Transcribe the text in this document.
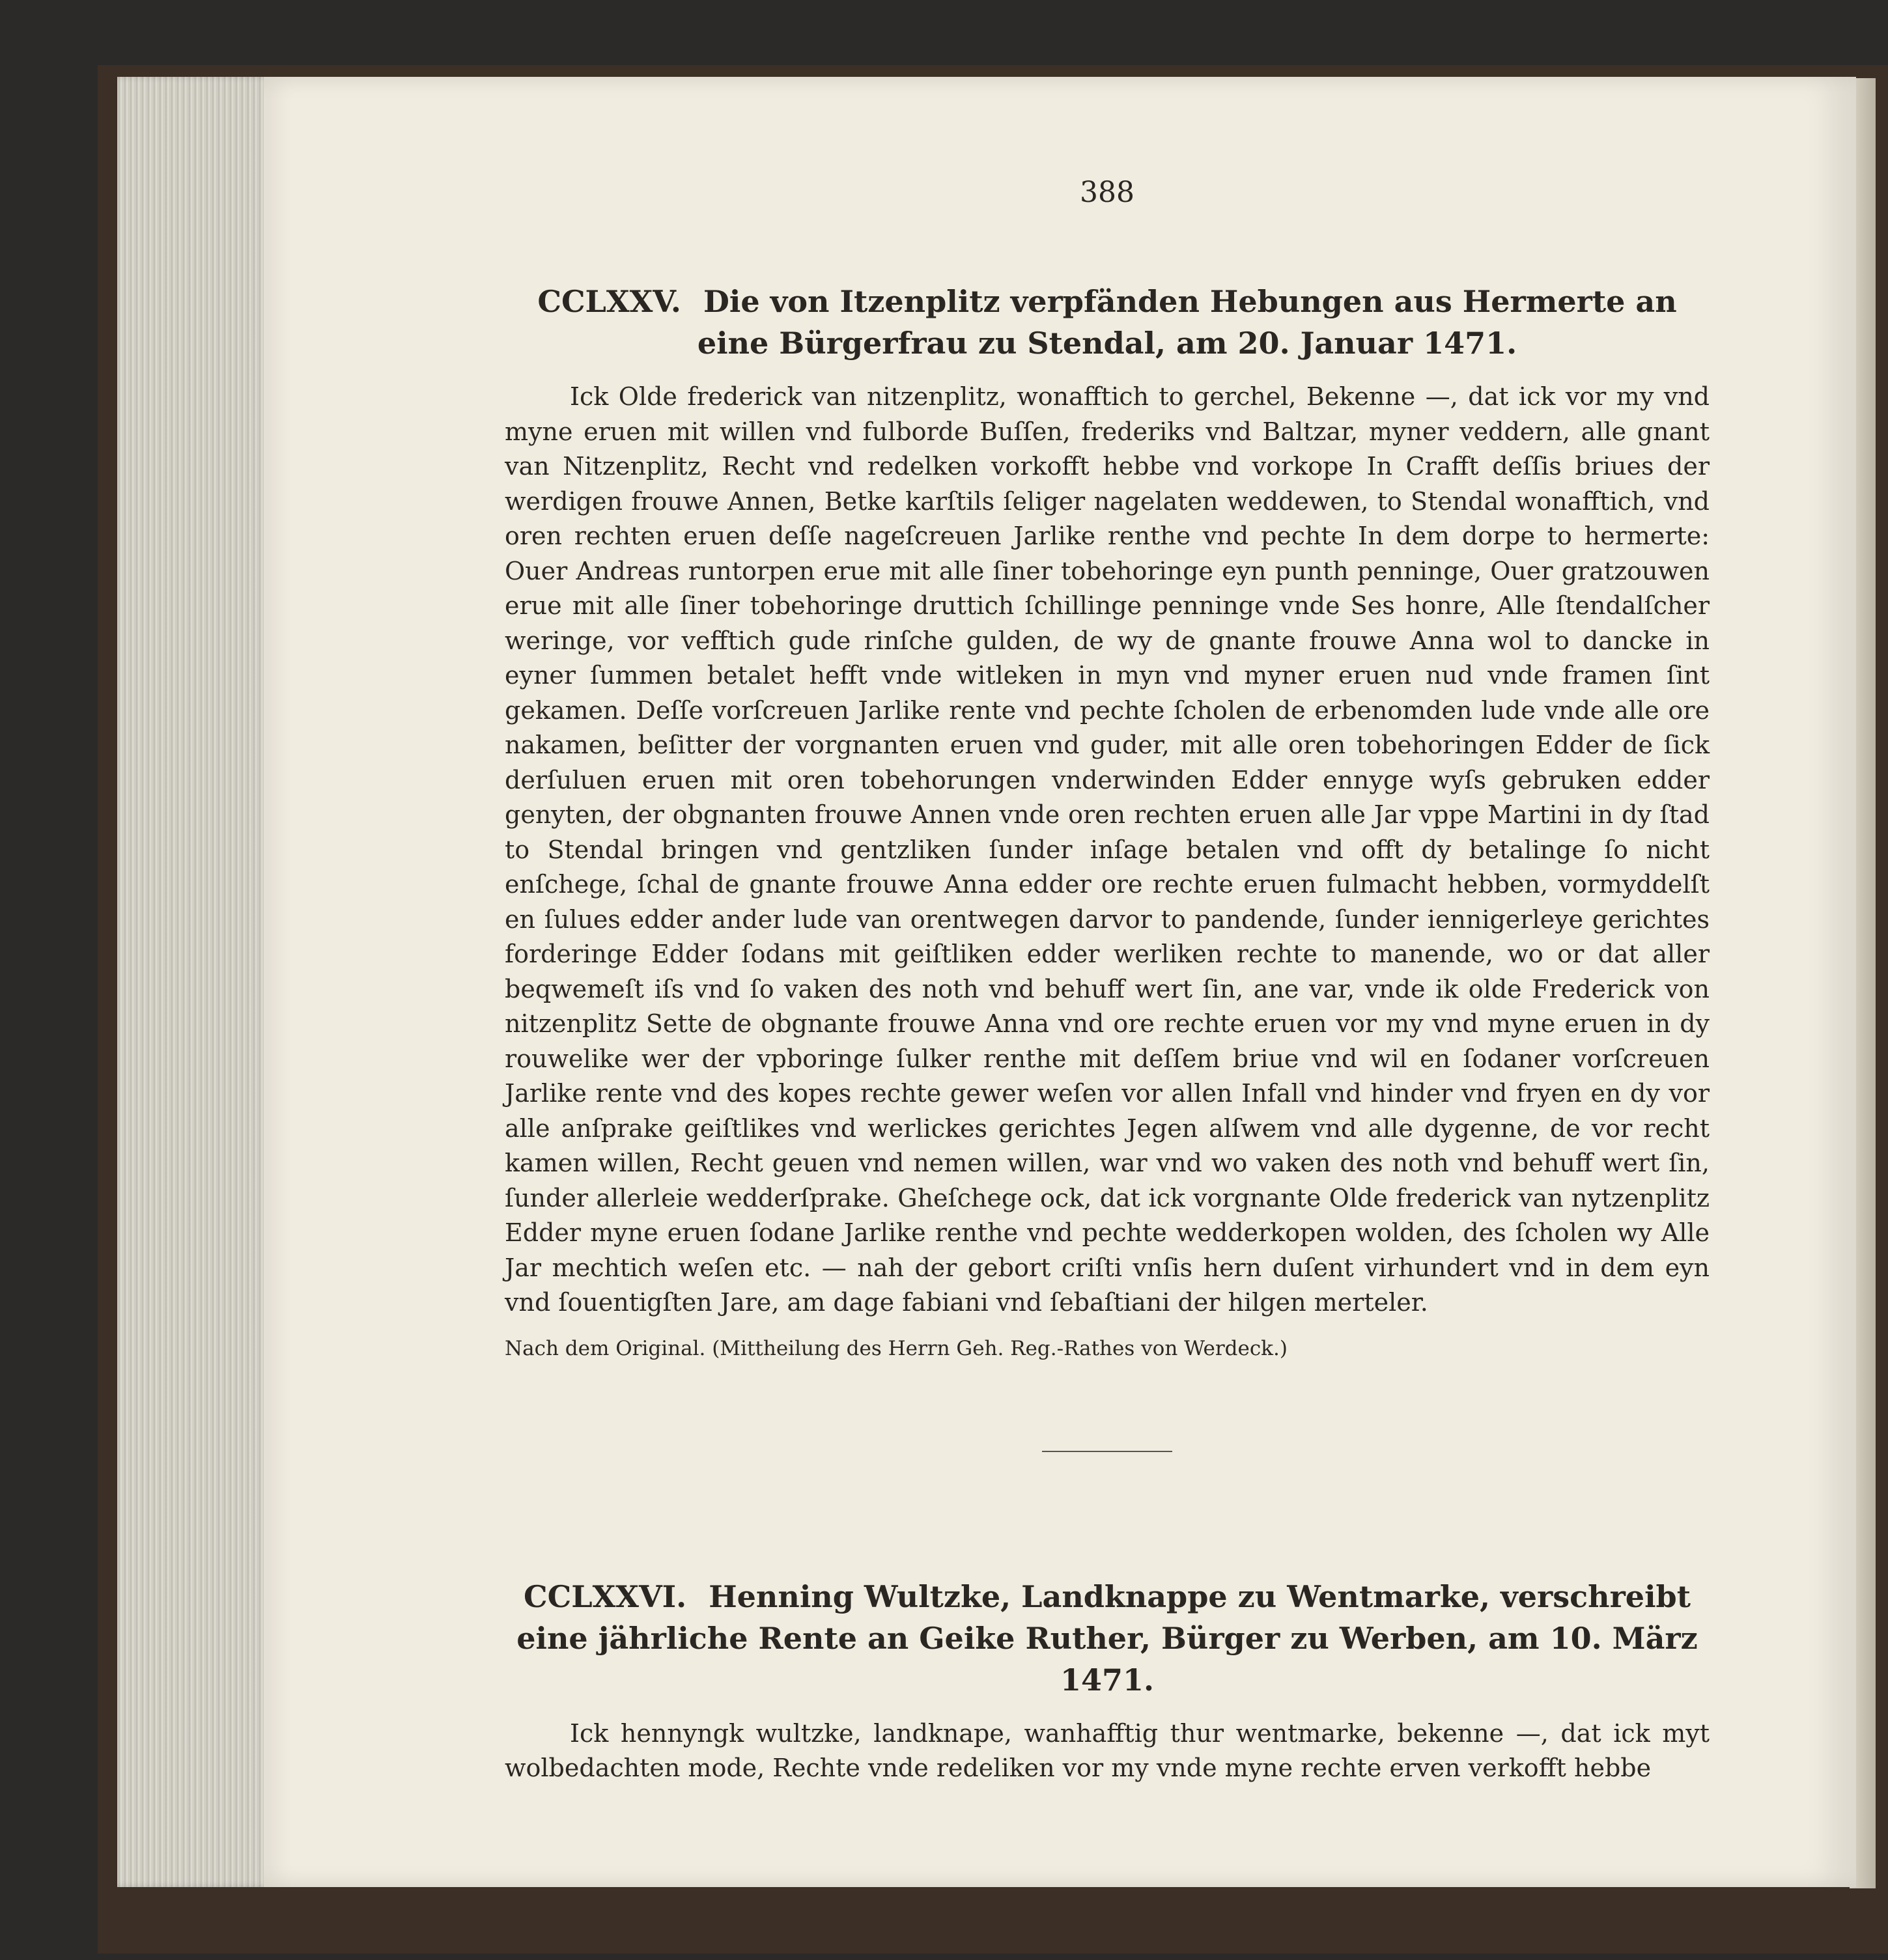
388
CCLXXV. Die von Itzenplitz verpfänden Hebungen aus Hermerte an eine Bürgerfrau zu Stendal, am 20. Januar 1471.

Ick Olde frederick van nitzenplitz, wonafftich to gerchel, Bekenne —, dat ick vor my vnd myne eruen mit willen vnd fulborde Buſſen, frederiks vnd Baltzar, myner veddern, alle gnant van Nitzenplitz, Recht vnd redelken vorkofft hebbe vnd vorkope In Crafft deſſis briues der werdigen frouwe Annen, Betke karſtils ſeliger nagelaten weddewen, to Stendal wonafftich, vnd oren rechten eruen deſſe nageſcreuen Jarlike renthe vnd pechte In dem dorpe to hermerte: Ouer Andreas runtorpen erue mit alle ſiner tobehoringe eyn punth penninge, Ouer gratzouwen erue mit alle ſiner tobehoringe druttich ſchillinge penninge vnde Ses honre, Alle ſtendalſcher weringe, vor vefftich gude rinſche gulden, de wy de gnante frouwe Anna wol to dancke in eyner ſummen betalet hefft vnde witleken in myn vnd myner eruen nud vnde framen ſint gekamen. Deſſe vorſcreuen Jarlike rente vnd pechte ſcholen de erbenomden lude vnde alle ore nakamen, beſitter der vorgnanten eruen vnd guder, mit alle oren tobehoringen Edder de ſick derſuluen eruen mit oren tobehorungen vnderwinden Edder ennyge wyſs gebruken edder genyten, der obgnanten frouwe Annen vnde oren rechten eruen alle Jar vppe Martini in dy ſtad to Stendal bringen vnd gentzliken ſunder inſage betalen vnd offt dy betalinge ſo nicht enſchege, ſchal de gnante frouwe Anna edder ore rechte eruen fulmacht hebben, vormyddelſt en ſulues edder ander lude van orentwegen darvor to pandende, ſunder iennigerleye gerichtes forderinge Edder ſodans mit geiſtliken edder werliken rechte to manende, wo or dat aller beqwemeſt iſs vnd ſo vaken des noth vnd behuff wert ſin, ane var, vnde ik olde Frederick von nitzenplitz Sette de obgnante frouwe Anna vnd ore rechte eruen vor my vnd myne eruen in dy rouwelike wer der vpboringe ſulker renthe mit deſſem briue vnd wil en ſodaner vorſcreuen Jarlike rente vnd des kopes rechte gewer weſen vor allen Infall vnd hinder vnd fryen en dy vor alle anſprake geiſtlikes vnd werlickes gerichtes Jegen alſwem vnd alle dygenne, de vor recht kamen willen, Recht geuen vnd nemen willen, war vnd wo vaken des noth vnd behuff wert ſin, ſunder allerleie wedderſprake. Gheſchege ock, dat ick vorgnante Olde frederick van nytzenplitz Edder myne eruen ſodane Jarlike renthe vnd pechte wedderkopen wolden, des ſcholen wy Alle Jar mechtich weſen etc. — nah der gebort criſti vnſis hern duſent virhundert vnd in dem eyn vnd ſouentigſten Jare, am dage fabiani vnd ſebaſtiani der hilgen merteler.

Nach dem Original. (Mittheilung des Herrn Geh. Reg.-Rathes von Werdeck.)

CCLXXVI. Henning Wultzke, Landknappe zu Wentmarke, verschreibt eine jährliche Rente an Geike Ruther, Bürger zu Werben, am 10. März 1471.

Ick hennyngk wultzke, landknape, wanhafftig thur wentmarke, bekenne —, dat ick myt wolbedachten mode, Rechte vnde redeliken vor my vnde myne rechte erven verkofft hebbe
